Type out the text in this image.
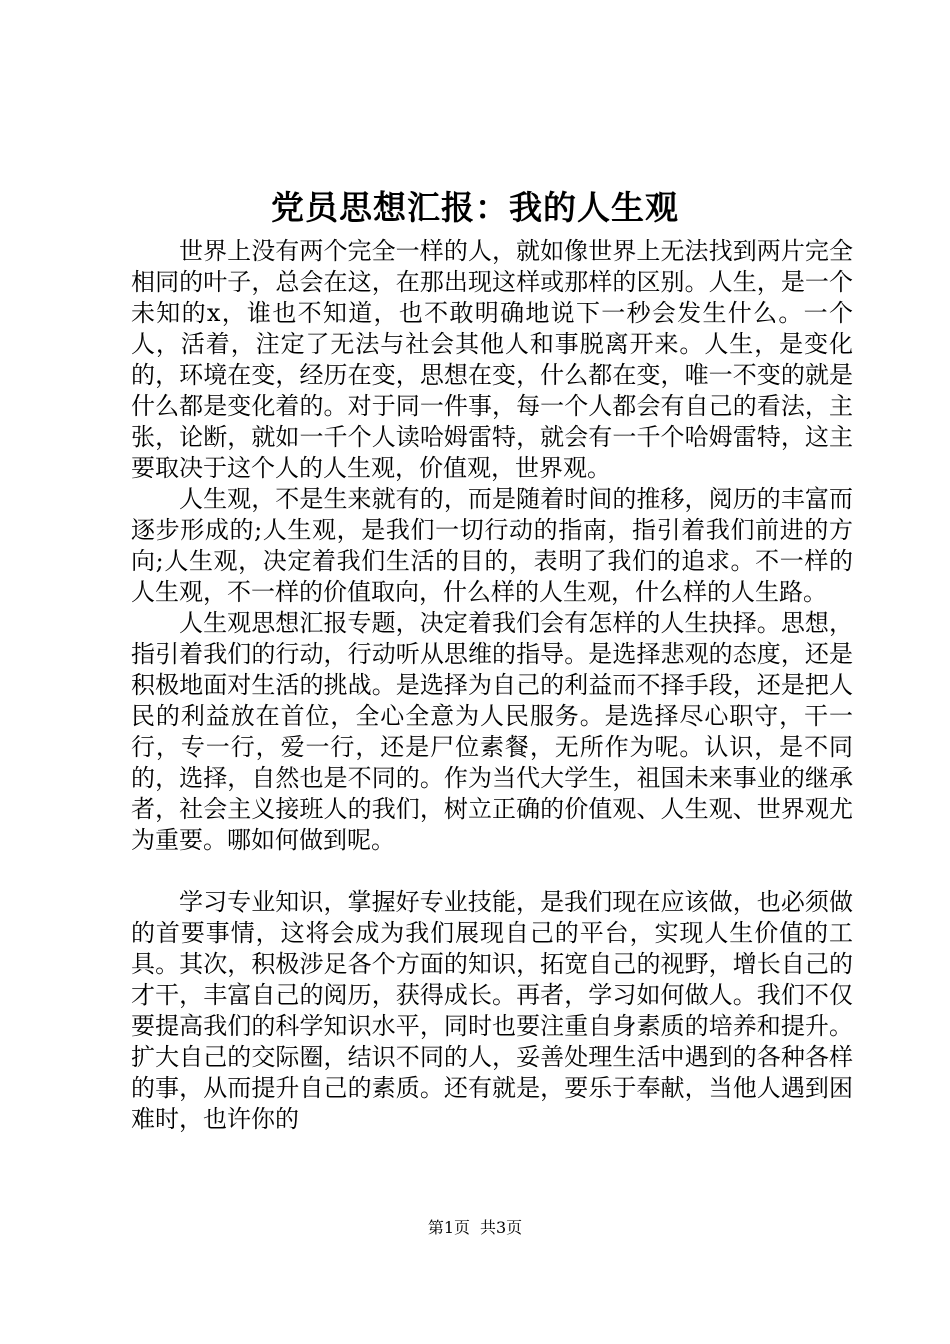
党员思想汇报：我的人生观

世界上没有两个完全一样的人，就如像世界上无法找到两片完全相同的叶子，总会在这，在那出现这样或那样的区别。人生，是一个未知的x，谁也不知道，也不敢明确地说下一秒会发生什么。一个人，活着，注定了无法与社会其他人和事脱离开来。人生，是变化的，环境在变，经历在变，思想在变，什么都在变，唯一不变的就是什么都是变化着的。对于同一件事，每一个人都会有自己的看法，主张，论断，就如一千个人读哈姆雷特，就会有一千个哈姆雷特，这主要取决于这个人的人生观，价值观，世界观。

人生观，不是生来就有的，而是随着时间的推移，阅历的丰富而逐步形成的;人生观，是我们一切行动的指南，指引着我们前进的方向;人生观，决定着我们生活的目的，表明了我们的追求。不一样的人生观，不一样的价值取向，什么样的人生观，什么样的人生路。

人生观思想汇报专题，决定着我们会有怎样的人生抉择。思想，指引着我们的行动，行动听从思维的指导。是选择悲观的态度，还是积极地面对生活的挑战。是选择为自己的利益而不择手段，还是把人民的利益放在首位，全心全意为人民服务。是选择尽心职守，干一行，专一行，爱一行，还是尸位素餐，无所作为呢。认识，是不同的，选择，自然也是不同的。作为当代大学生，祖国未来事业的继承者，社会主义接班人的我们，树立正确的价值观、人生观、世界观尤为重要。哪如何做到呢。

学习专业知识，掌握好专业技能，是我们现在应该做，也必须做的首要事情，这将会成为我们展现自己的平台，实现人生价值的工具。其次，积极涉足各个方面的知识，拓宽自己的视野，增长自己的才干，丰富自己的阅历，获得成长。再者，学习如何做人。我们不仅要提高我们的科学知识水平，同时也要注重自身素质的培养和提升。扩大自己的交际圈，结识不同的人，妥善处理生活中遇到的各种各样的事，从而提升自己的素质。还有就是，要乐于奉献，当他人遇到困难时，也许你的

第1页 共3页
